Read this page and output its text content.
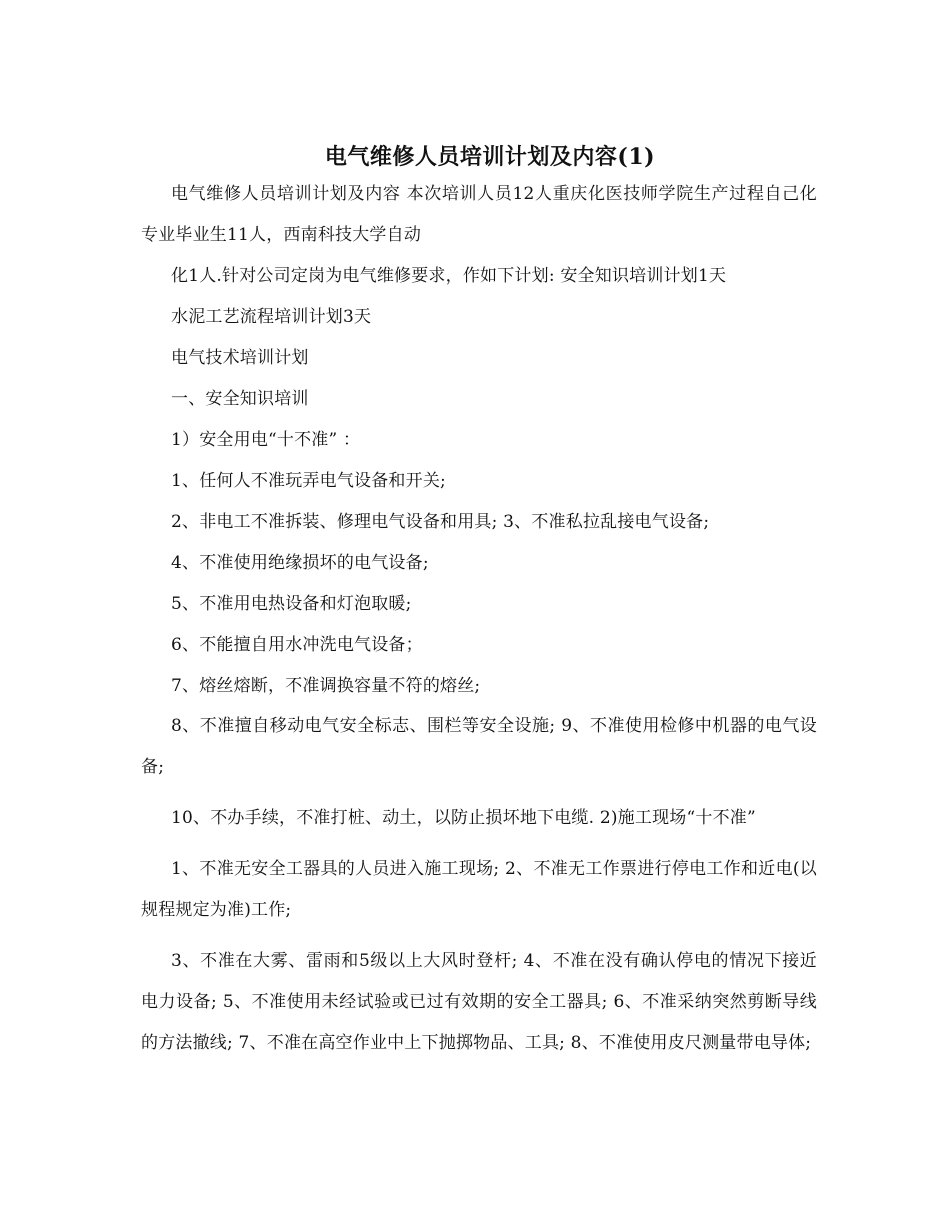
电气维修人员培训计划及内容(1)

电气维修人员培训计划及内容 本次培训人员12人重庆化医技师学院生产过程自己化专业毕业生11人，西南科技大学自动

化1人.针对公司定岗为电气维修要求，作如下计划: 安全知识培训计划1天

水泥工艺流程培训计划3天

电气技术培训计划

一、安全知识培训

1）安全用电“十不准” ：

1、任何人不准玩弄电气设备和开关;

2、非电工不准拆装、修理电气设备和用具; 3、不准私拉乱接电气设备;

4、不准使用绝缘损坏的电气设备;

5、不准用电热设备和灯泡取暖;

6、不能擅自用水冲洗电气设备；

7、熔丝熔断，不准调换容量不符的熔丝;

8、不准擅自移动电气安全标志、围栏等安全设施; 9、不准使用检修中机器的电气设备;

10、不办手续，不准打桩、动土，以防止损坏地下电缆. 2)施工现场“十不准”

1、不准无安全工器具的人员进入施工现场; 2、不准无工作票进行停电工作和近电(以规程规定为准)工作;

3、不准在大雾、雷雨和5级以上大风时登杆; 4、不准在没有确认停电的情况下接近电力设备; 5、不准使用未经试验或已过有效期的安全工器具; 6、不准采纳突然剪断导线的方法撤线; 7、不准在高空作业中上下抛掷物品、工具; 8、不准使用皮尺测量带电导体;
